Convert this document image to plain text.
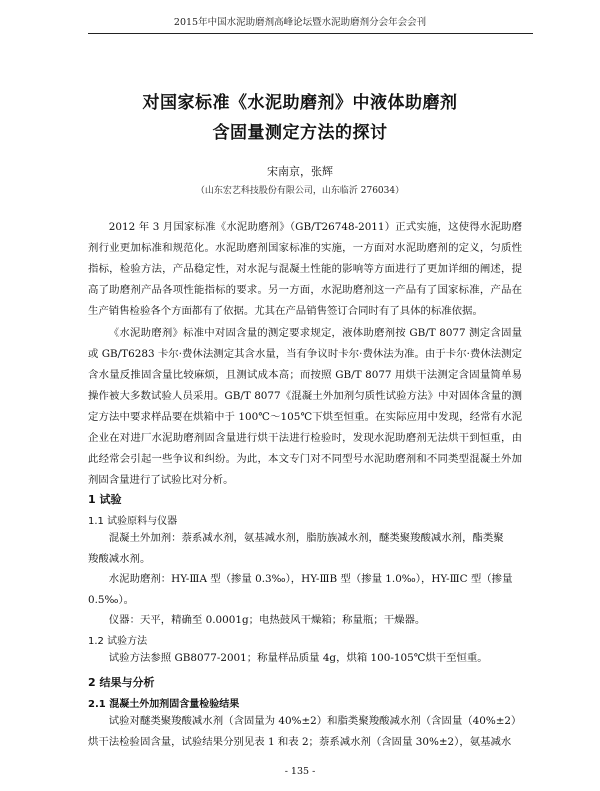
2015年中国水泥助磨剂高峰论坛暨水泥助磨剂分会年会会刊
对国家标准《水泥助磨剂》中液体助磨剂
含固量测定方法的探讨
宋南京，张辉
（山东宏艺科技股份有限公司，山东临沂 276034）

2012 年 3 月国家标准《水泥助磨剂》（GB/T26748-2011）正式实施，这使得水泥助磨剂行业更加标准和规范化。水泥助磨剂国家标准的实施，一方面对水泥助磨剂的定义，匀质性指标，检验方法，产品稳定性，对水泥与混凝土性能的影响等方面进行了更加详细的阐述，提高了助磨剂产品各项性能指标的要求。另一方面，水泥助磨剂这一产品有了国家标准，产品在生产销售检验各个方面都有了依据。尤其在产品销售签订合同时有了具体的标准依据。

《水泥助磨剂》标准中对固含量的测定要求规定，液体助磨剂按 GB/T 8077 测定含固量或 GB/T6283 卡尔·费休法测定其含水量，当有争议时卡尔·费休法为准。由于卡尔·费休法测定含水量反推固含量比较麻烦，且测试成本高；而按照 GB/T 8077 用烘干法测定含固量简单易操作被大多数试验人员采用。GB/T 8077《混凝土外加剂匀质性试验方法》中对固体含量的测定方法中要求样品要在烘箱中于 100℃～105℃下烘至恒重。在实际应用中发现，经常有水泥企业在对进厂水泥助磨剂固含量进行烘干法进行检验时，发现水泥助磨剂无法烘干到恒重，由此经常会引起一些争议和纠纷。为此，本文专门对不同型号水泥助磨剂和不同类型混凝土外加剂固含量进行了试验比对分析。

1 试验
1.1 试验原料与仪器
混凝土外加剂：萘系减水剂，氨基减水剂，脂肪族减水剂，醚类聚羧酸减水剂，酯类聚
羧酸减水剂。
水泥助磨剂：HY-ⅢA 型（掺量 0.3‰），HY-ⅢB 型（掺量 1.0‰），HY-ⅢC 型（掺量
0.5‰）。
仪器：天平，精确至 0.0001g；电热鼓风干燥箱；称量瓶；干燥器。
1.2 试验方法
试验方法参照 GB8077-2001；称量样品质量 4g，烘箱 100-105℃烘干至恒重。
2 结果与分析
2.1 混凝土外加剂固含量检验结果
试验对醚类聚羧酸减水剂（含固量为 40%±2）和脂类聚羧酸减水剂（含固量（40%±2）
烘干法检验固含量，试验结果分别见表 1 和表 2；萘系减水剂（含固量 30%±2），氨基减水
- 135 -
